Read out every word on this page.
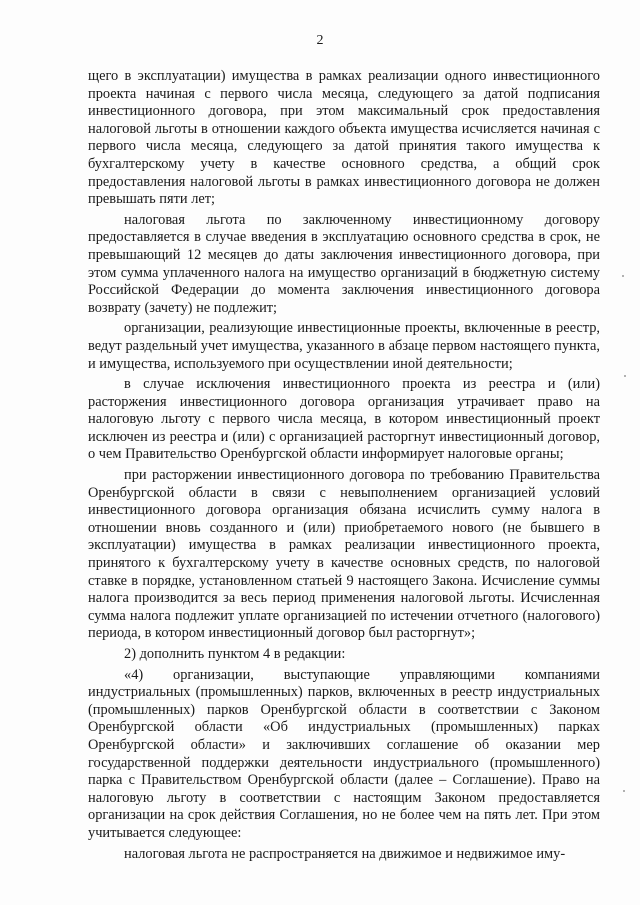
2

щего в эксплуатации) имущества в рамках реализации одного инвестиционного проекта начиная с первого числа месяца, следующего за датой подписания инвестиционного договора, при этом максимальный срок предоставления налоговой льготы в отношении каждого объекта имущества исчисляется начиная с первого числа месяца, следующего за датой принятия такого имущества к бухгалтерскому учету в качестве основного средства, а общий срок предоставления налоговой льготы в рамках инвестиционного договора не должен превышать пяти лет;

налоговая льгота по заключенному инвестиционному договору предоставляется в случае введения в эксплуатацию основного средства в срок, не превышающий 12 месяцев до даты заключения инвестиционного договора, при этом сумма уплаченного налога на имущество организаций в бюджетную систему Российской Федерации до момента заключения инвестиционного договора возврату (зачету) не подлежит;

организации, реализующие инвестиционные проекты, включенные в реестр, ведут раздельный учет имущества, указанного в абзаце первом настоящего пункта, и имущества, используемого при осуществлении иной деятельности;

в случае исключения инвестиционного проекта из реестра и (или) расторжения инвестиционного договора организация утрачивает право на налоговую льготу с первого числа месяца, в котором инвестиционный проект исключен из реестра и (или) с организацией расторгнут инвестиционный договор, о чем Правительство Оренбургской области информирует налоговые органы;

при расторжении инвестиционного договора по требованию Правительства Оренбургской области в связи с невыполнением организацией условий инвестиционного договора организация обязана исчислить сумму налога в отношении вновь созданного и (или) приобретаемого нового (не бывшего в эксплуатации) имущества в рамках реализации инвестиционного проекта, принятого к бухгалтерскому учету в качестве основных средств, по налоговой ставке в порядке, установленном статьей 9 настоящего Закона. Исчисление суммы налога производится за весь период применения налоговой льготы. Исчисленная сумма налога подлежит уплате организацией по истечении отчетного (налогового) периода, в котором инвестиционный договор был расторгнут»;

2) дополнить пунктом 4 в редакции:

«4) организации, выступающие управляющими компаниями индустриальных (промышленных) парков, включенных в реестр индустриальных (промышленных) парков Оренбургской области в соответствии с Законом Оренбургской области «Об индустриальных (промышленных) парках Оренбургской области» и заключивших соглашение об оказании мер государственной поддержки деятельности индустриального (промышленного) парка с Правительством Оренбургской области (далее – Соглашение). Право на налоговую льготу в соответствии с настоящим Законом предоставляется организации на срок действия Соглашения, но не более чем на пять лет. При этом учитывается следующее:

налоговая льгота не распространяется на движимое и недвижимое иму-
